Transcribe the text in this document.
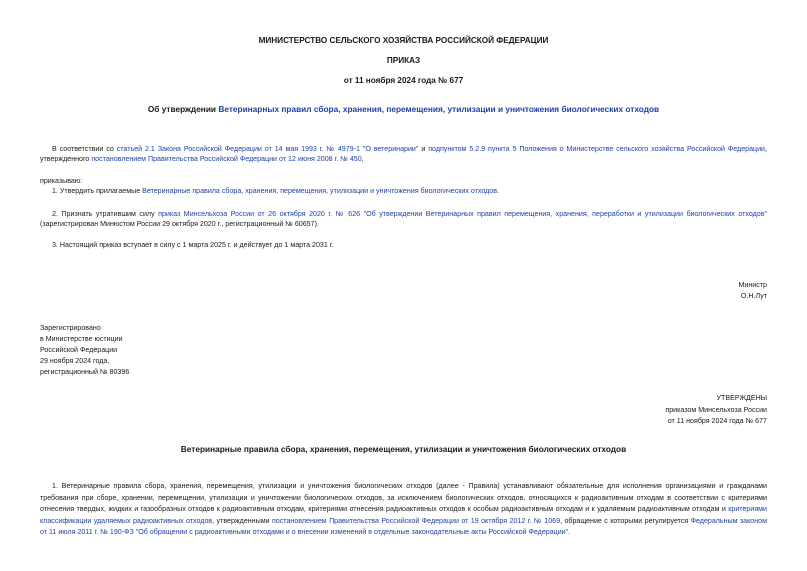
МИНИСТЕРСТВО СЕЛЬСКОГО ХОЗЯЙСТВА РОССИЙСКОЙ ФЕДЕРАЦИИ
ПРИКАЗ
от 11 ноября 2024 года № 677
Об утверждении Ветеринарных правил сбора, хранения, перемещения, утилизации и уничтожения биологических отходов
В соответствии со статьей 2.1 Закона Российской Федерации от 14 мая 1993 г. № 4979-1 "О ветеринарии" и подпунктом 5.2.9 пункта 5 Положения о Министерстве сельского хозяйства Российской Федерации,
утвержденного постановлением Правительства Российской Федерации от 12 июня 2008 г. № 450,
приказываю:
1. Утвердить прилагаемые Ветеринарные правила сбора, хранения, перемещения, утилизации и уничтожения биологических отходов.
2. Признать утратившим силу приказ Минсельхоза России от 26 октября 2020 г. № 626 "Об утверждении Ветеринарных правил перемещения, хранения, переработки и утилизации биологических отходов"
(зарегистрирован Минюстом России 29 октября 2020 г., регистрационный № 60657).
3. Настоящий приказ вступает в силу с 1 марта 2025 г. и действует до 1 марта 2031 г.
Министр
О.Н.Лут
Зарегистрировано
в Министерстве юстиции
Российской Федерации
29 ноября 2024 года,
регистрационный № 80396
УТВЕРЖДЕНЫ
приказом Минсельхоза России
от 11 ноября 2024 года № 677
Ветеринарные правила сбора, хранения, перемещения, утилизации и уничтожения биологических отходов
1. Ветеринарные правила сбора, хранения, перемещения, утилизации и уничтожения биологических отходов (далее - Правила) устанавливают обязательные для исполнения организациями и гражданами
требования при сборе, хранении, перемещении, утилизации и уничтожении биологических отходов, за исключением биологических отходов, относящихся к радиоактивным отходам в соответствии с критериями
отнесения твердых, жидких и газообразных отходов к радиоактивным отходам, критериями отнесения радиоактивных отходов к особым радиоактивным отходам и к удаляемым радиоактивным отходам и критериями
классификации удаляемых радиоактивных отходов, утвержденными постановлением Правительства Российской Федерации от 19 октября 2012 г. № 1069, обращение с которыми регулируется Федеральным законом
от 11 июля 2011 г. № 190-ФЗ "Об обращении с радиоактивными отходами и о внесении изменений в отдельные законодательные акты Российской Федерации".
